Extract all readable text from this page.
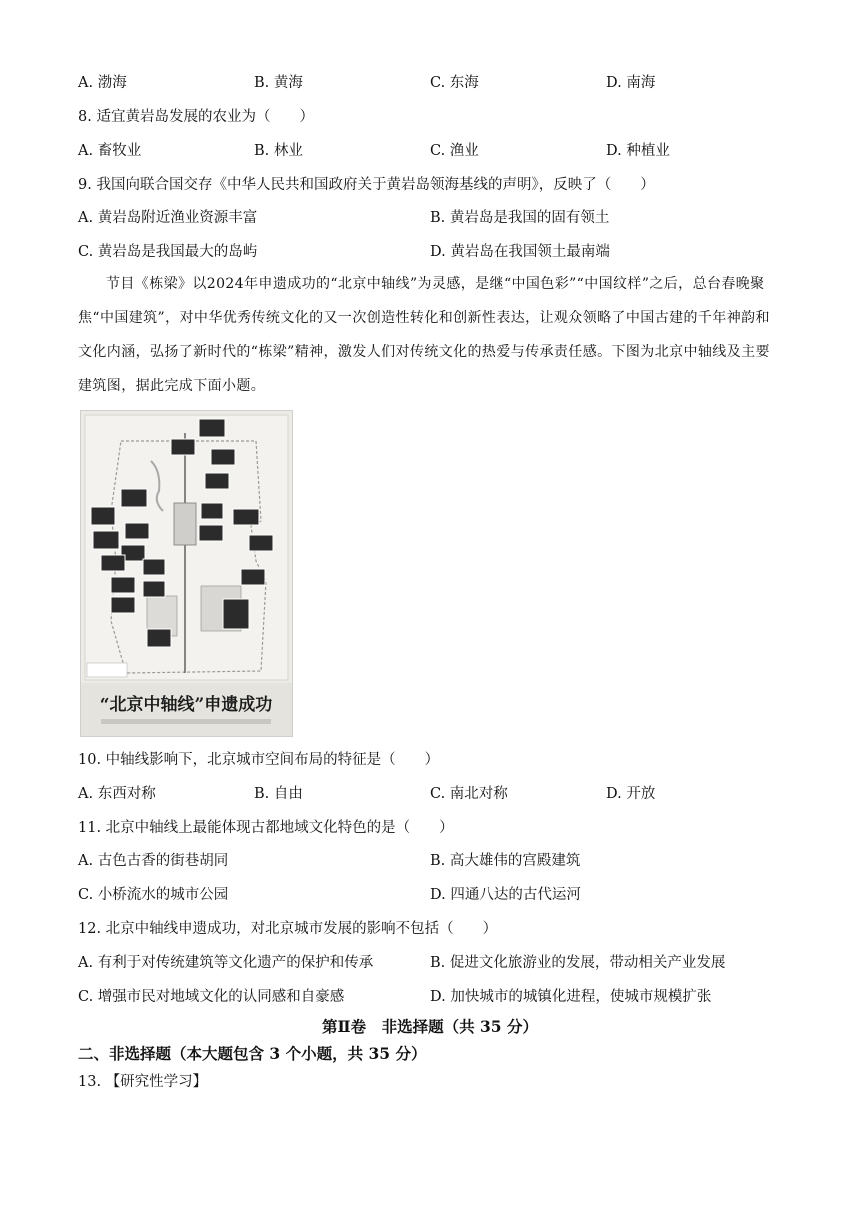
A. 渤海	B. 黄海	C. 东海	D. 南海
8. 适宜黄岩岛发展的农业为（　　）
A. 畜牧业	B. 林业	C. 渔业	D. 种植业
9. 我国向联合国交存《中华人民共和国政府关于黄岩岛领海基线的声明》，反映了（　　）
A. 黄岩岛附近渔业资源丰富	B. 黄岩岛是我国的固有领土
C. 黄岩岛是我国最大的岛屿	D. 黄岩岛在我国领土最南端
节目《栋梁》以2024年申遗成功的“北京中轴线”为灵感，是继“中国色彩”“中国纹样”之后，总台春晚聚焦“中国建筑”，对中华优秀传统文化的又一次创造性转化和创新性表达，让观众领略了中国古建的千年神韵和文化内涵，弘扬了新时代的“栋梁”精神，激发人们对传统文化的热爱与传承责任感。下图为北京中轴线及主要建筑图，据此完成下面小题。
“北京中轴线”申遗成功
10. 中轴线影响下，北京城市空间布局的特征是（　　）
A. 东西对称	B. 自由	C. 南北对称	D. 开放
11. 北京中轴线上最能体现古都地域文化特色的是（　　）
A. 古色古香的街巷胡同	B. 高大雄伟的宫殿建筑
C. 小桥流水的城市公园	D. 四通八达的古代运河
12. 北京中轴线申遗成功，对北京城市发展的影响不包括（　　）
A. 有利于对传统建筑等文化遗产的保护和传承	B. 促进文化旅游业的发展，带动相关产业发展
C. 增强市民对地域文化的认同感和自豪感	D. 加快城市的城镇化进程，使城市规模扩张
第Ⅱ卷　非选择题（共 35 分）
二、非选择题（本大题包含 3 个小题，共 35 分）
13. 【研究性学习】
